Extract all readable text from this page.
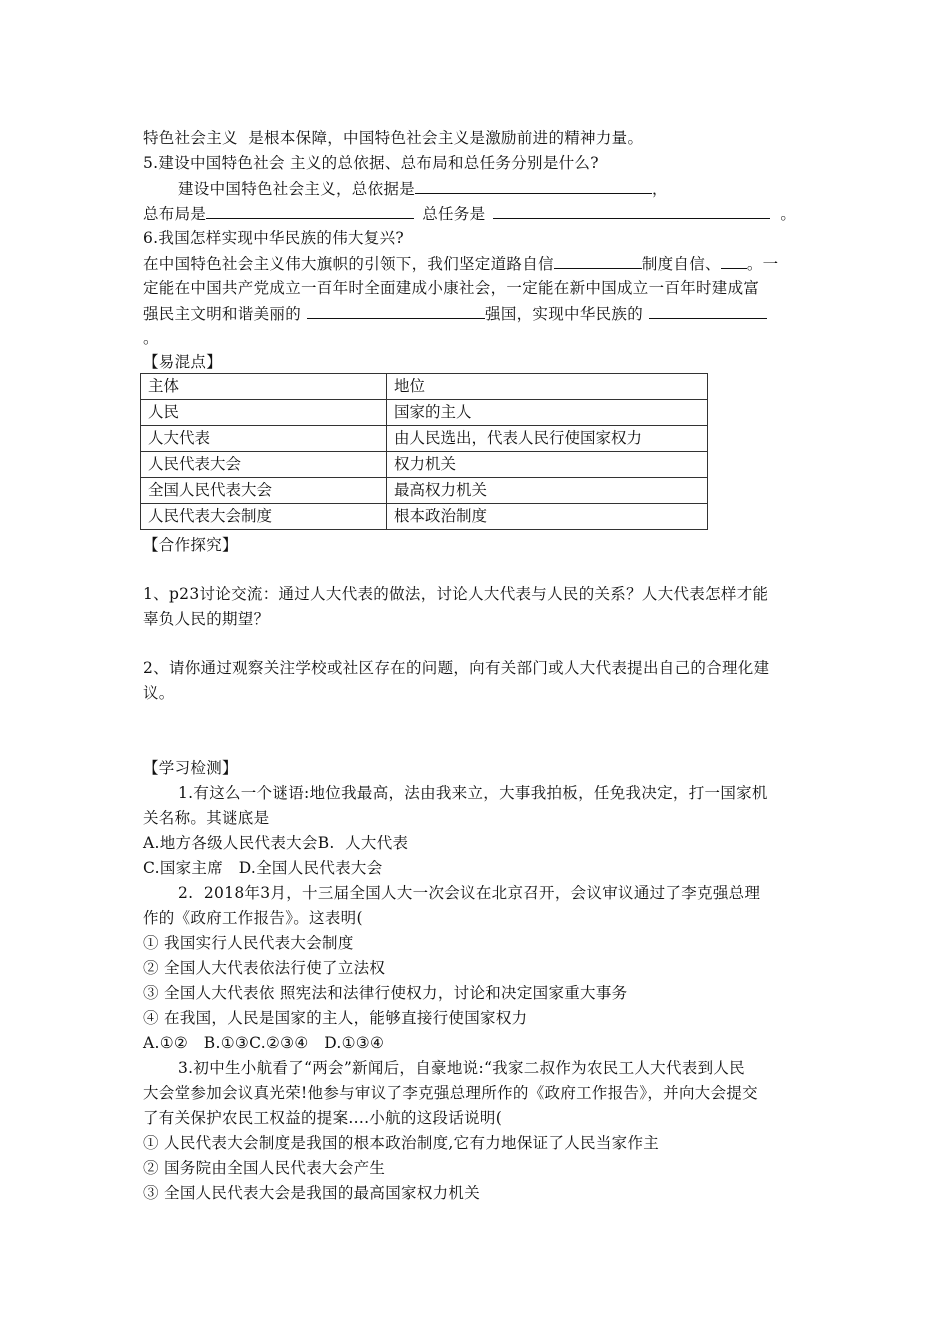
特色社会主义  是根本保障，中国特色社会主义是激励前进的精神力量。
5.建设中国特色社会 主义的总依据、总布局和总任务分别是什么?
建设中国特色社会主义，总依据是	，
总布局是	总任务是	。
6.我国怎样实现中华民族的伟大复兴?
在中国特色社会主义伟大旗帜的引领下，我们坚定道路自信	制度自信、 。一
定能在中国共产党成立一百年时全面建成小康社会，一定能在新中国成立一百年时建成富
强民主文明和谐美丽的	强国，实现中华民族的
。
【易混点】
主体	地位
人民	国家的主人
人大代表	由人民选出，代表人民行使国家权力
人民代表大会	权力机关
全国人民代表大会	最高权力机关
人民代表大会制度	根本政治制度
【合作探究】
1、p23讨论交流：通过人大代表的做法，讨论人大代表与人民的关系？人大代表怎样才能
辜负人民的期望？
2、请你通过观察关注学校或社区存在的问题，向有关部门或人大代表提出自己的合理化建
议。
【学习检测】
1.有这么一个谜语:地位我最高，法由我来立，大事我拍板，任免我决定，打一国家机
关名称。其谜底是
A.地方各级人民代表大会B.  人大代表
C.国家主席   D.全国人民代表大会
2.  2018年3月，十三届全国人大一次会议在北京召开，会议审议通过了李克强总理
作的《政府工作报告》。这表明(
① 我国实行人民代表大会制度
② 全国人大代表依法行使了立法权
③ 全国人大代表依 照宪法和法律行使权力，讨论和决定国家重大事务
④ 在我国，人民是国家的主人，能够直接行使国家权力
A.①②   B.①③C.②③④   D.①③④
3.初中生小航看了“两会”新闻后，自豪地说:“我家二叔作为农民工人大代表到人民
大会堂参加会议真光荣!他参与审议了李克强总理所作的《政府工作报告》，并向大会提交
了有关保护农民工权益的提案....小航的这段话说明(
① 人民代表大会制度是我国的根本政治制度,它有力地保证了人民当家作主
② 国务院由全国人民代表大会产生
③ 全国人民代表大会是我国的最高国家权力机关
